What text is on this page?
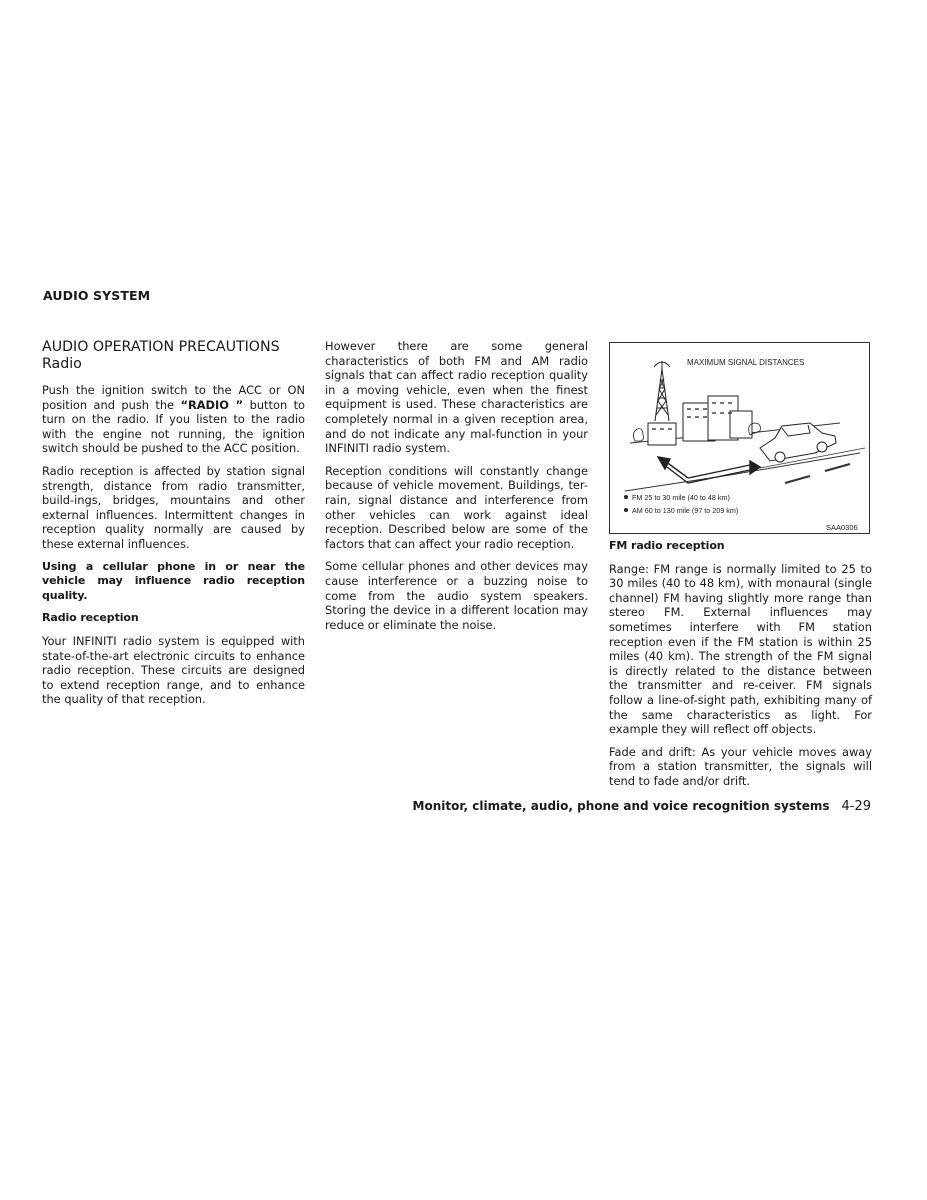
AUDIO SYSTEM
AUDIO OPERATION PRECAUTIONS
Radio

Push the ignition switch to the ACC or ON position and push the “RADIO ” button to turn on the radio. If you listen to the radio with the engine not running, the ignition switch should be pushed to the ACC position.

Radio reception is affected by station signal strength, distance from radio transmitter, build-ings, bridges, mountains and other external influences. Intermittent changes in reception quality normally are caused by these external influences.

Using a cellular phone in or near the vehicle may influence radio reception quality.

Radio reception

Your INFINITI radio system is equipped with state-of-the-art electronic circuits to enhance radio reception. These circuits are designed to extend reception range, and to enhance the quality of that reception.

However there are some general characteristics of both FM and AM radio signals that can affect radio reception quality in a moving vehicle, even when the finest equipment is used. These characteristics are completely normal in a given reception area, and do not indicate any mal-function in your INFINITI radio system.

Reception conditions will constantly change because of vehicle movement. Buildings, ter-rain, signal distance and interference from other vehicles can work against ideal reception. Described below are some of the factors that can affect your radio reception.

Some cellular phones and other devices may cause interference or a buzzing noise to come from the audio system speakers. Storing the device in a different location may reduce or eliminate the noise.

MAXIMUM SIGNAL DISTANCES
FM 25 to 30 mile (40 to 48 km)
AM 60 to 130 mile (97 to 209 km)
SAA0306

FM radio reception

Range: FM range is normally limited to 25 to 30 miles (40 to 48 km), with monaural (single channel) FM having slightly more range than stereo FM. External influences may sometimes interfere with FM station reception even if the FM station is within 25 miles (40 km). The strength of the FM signal is directly related to the distance between the transmitter and re-ceiver. FM signals follow a line-of-sight path, exhibiting many of the same characteristics as light. For example they will reflect off objects.

Fade and drift: As your vehicle moves away from a station transmitter, the signals will tend to fade and/or drift.

Monitor, climate, audio, phone and voice recognition systems 4-29
